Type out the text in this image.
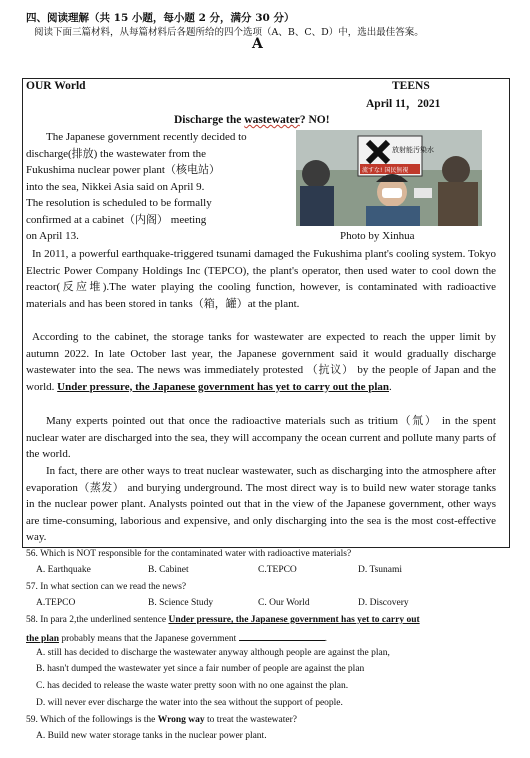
四、阅读理解（共 15 小题，每小题 2 分，满分 30 分）
阅读下面三篇材料，从每篇材料后各题所给的四个选项（A、B、C、D）中，选出最佳答案。
A
OUR World	TEENS
April 11，2021
Discharge the wastewater? NO!
The Japanese government recently decided to
discharge(排放) the wastewater from the
Fukushima nuclear power plant（核电站）
into the sea, Nikkei Asia said on April 9.
The resolution is scheduled to be formally
confirmed at a cabinet（内阁） meeting
on April 13.
放射能汚染水
流すな! 国民無視
Photo by Xinhua
In 2011, a powerful earthquake-triggered tsunami damaged the Fukushima plant's cooling system. Tokyo Electric Power Company Holdings Inc (TEPCO), the plant's operator, then used water to cool down the reactor(反应堆).The water playing the cooling function, however, is contaminated with radioactive materials and has been stored in tanks（箱，罐）at the plant.
According to the cabinet, the storage tanks for wastewater are expected to reach the upper limit by autumn 2022. In late October last year, the Japanese government said it would gradually discharge wastewater into the sea. The news was immediately protested （抗议） by the people of Japan and the world. Under pressure, the Japanese government has yet to carry out the plan.
Many experts pointed out that once the radioactive materials such as tritium（氚） in the spent nuclear water are discharged into the sea, they will accompany the ocean current and pollute many parts of the world.
In fact, there are other ways to treat nuclear wastewater, such as discharging into the atmosphere after evaporation（蒸发） and burying underground. The most direct way is to build new water storage tanks in the nuclear power plant. Analysts pointed out that in the view of the Japanese government, other ways are time-consuming, laborious and expensive, and only discharging into the sea is the most cost-effective way.
56. Which is NOT responsible for the contaminated water with radioactive materials?
A. Earthquake	B. Cabinet	C.TEPCO	D. Tsunami
57. In what section can we read the news?
A.TEPCO	B. Science Study	C. Our World	D. Discovery
58. In para 2,the underlined sentence Under pressure, the Japanese government has yet to carry out
the plan probably means that the Japanese government	.
A. still has decided to discharge the wastewater anyway although people are against the plan,
B. hasn't dumped the wastewater yet since a fair number of people are against the plan
C. has decided to release the waste water pretty soon with no one against the plan.
D. will never ever discharge the water into the sea without the support of people.
59. Which of the followings is the Wrong way to treat the wastewater?
A. Build new water storage tanks in the nuclear power plant.
